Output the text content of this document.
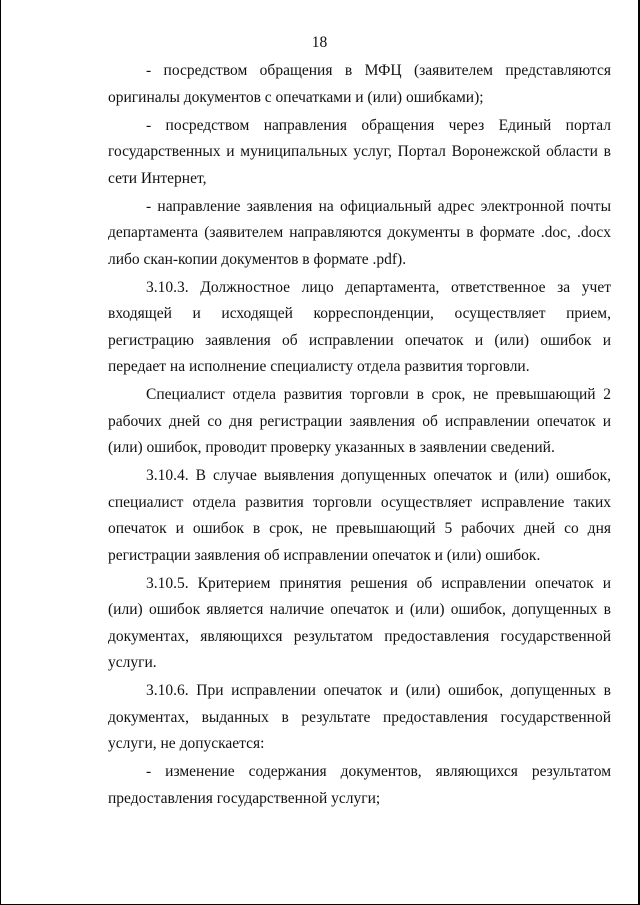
18

- посредством обращения в МФЦ (заявителем представляются оригиналы документов с опечатками и (или) ошибками);

- посредством направления обращения через Единый портал государственных и муниципальных услуг, Портал Воронежской области в сети Интернет,

- направление заявления на официальный адрес электронной почты департамента (заявителем направляются документы в формате .doc, .docx либо скан-копии документов в формате .pdf).

3.10.3. Должностное лицо департамента, ответственное за учет входящей и исходящей корреспонденции, осуществляет прием, регистрацию заявления об исправлении опечаток и (или) ошибок и передает на исполнение специалисту отдела развития торговли.

Специалист отдела развития торговли в срок, не превышающий 2 рабочих дней со дня регистрации заявления об исправлении опечаток и (или) ошибок, проводит проверку указанных в заявлении сведений.

3.10.4. В случае выявления допущенных опечаток и (или) ошибок, специалист отдела развития торговли осуществляет исправление таких опечаток и ошибок в срок, не превышающий 5 рабочих дней со дня регистрации заявления об исправлении опечаток и (или) ошибок.

3.10.5. Критерием принятия решения об исправлении опечаток и (или) ошибок является наличие опечаток и (или) ошибок, допущенных в документах, являющихся результатом предоставления государственной услуги.

3.10.6. При исправлении опечаток и (или) ошибок, допущенных в документах, выданных в результате предоставления государственной услуги, не допускается:

- изменение содержания документов, являющихся результатом предоставления государственной услуги;
